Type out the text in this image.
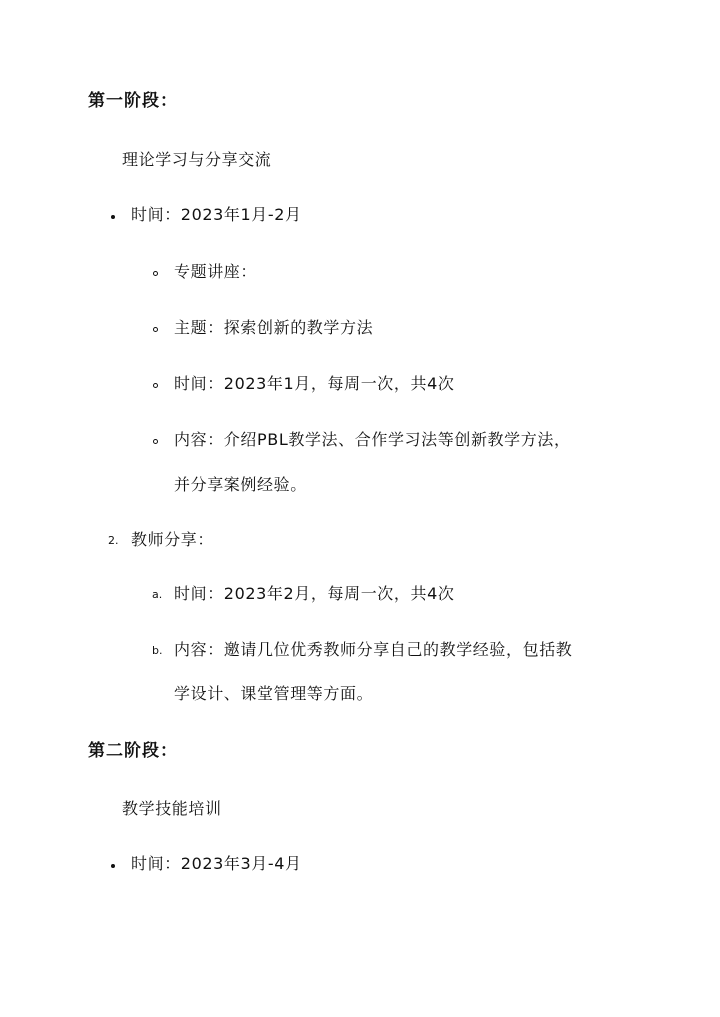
第一阶段：
理论学习与分享交流
时间：2023年1月-2月
专题讲座：
主题：探索创新的教学方法
时间：2023年1月，每周一次，共4次
内容：介绍PBL教学法、合作学习法等创新教学方法，
并分享案例经验。
2. 教师分享：
a. 时间：2023年2月，每周一次，共4次
b. 内容：邀请几位优秀教师分享自己的教学经验，包括教
学设计、课堂管理等方面。
第二阶段：
教学技能培训
时间：2023年3月-4月
